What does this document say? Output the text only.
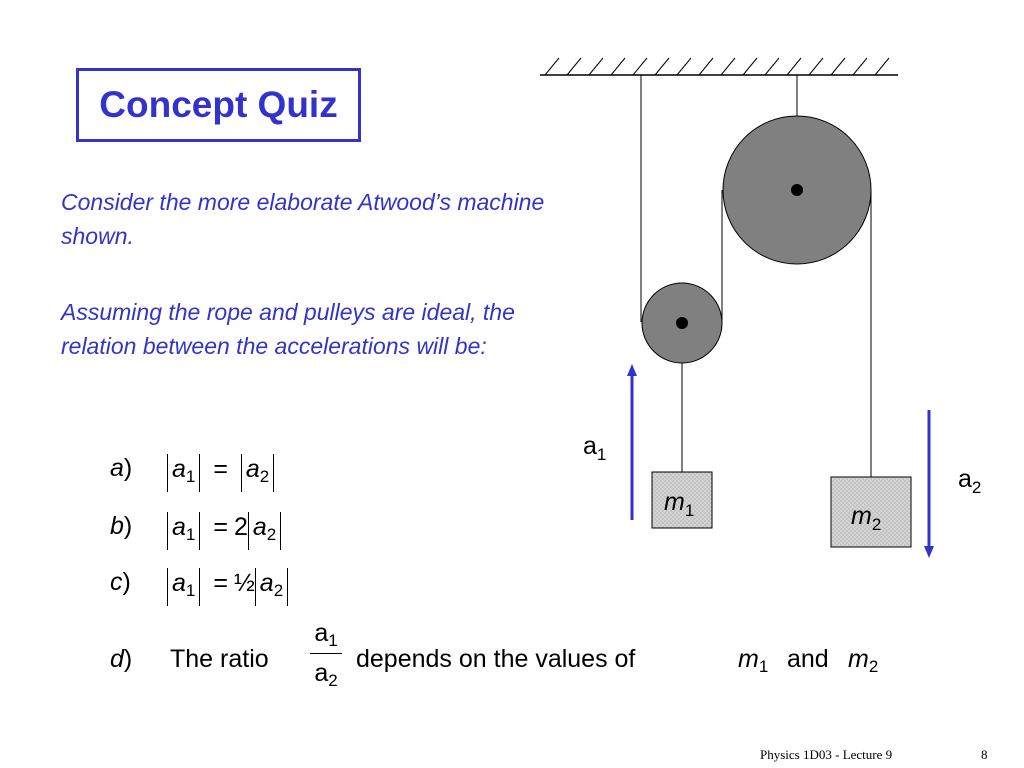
Concept Quiz

Consider the more elaborate Atwood’s machine shown.

Assuming the rope and pulleys are ideal, the relation between the accelerations will be:

a) $a_1 = a_2$
b) $a_1 = 2$ $a_2$
c) $a_1$ = ½ $a_2$
d) The ratio
$a_1$
$a_2$
depends on the values of	$m_1$ and $m_2$
$m_1$	$m_2$
$a_1$
$a_2$
Physics 1D03 - Lecture 9	8
